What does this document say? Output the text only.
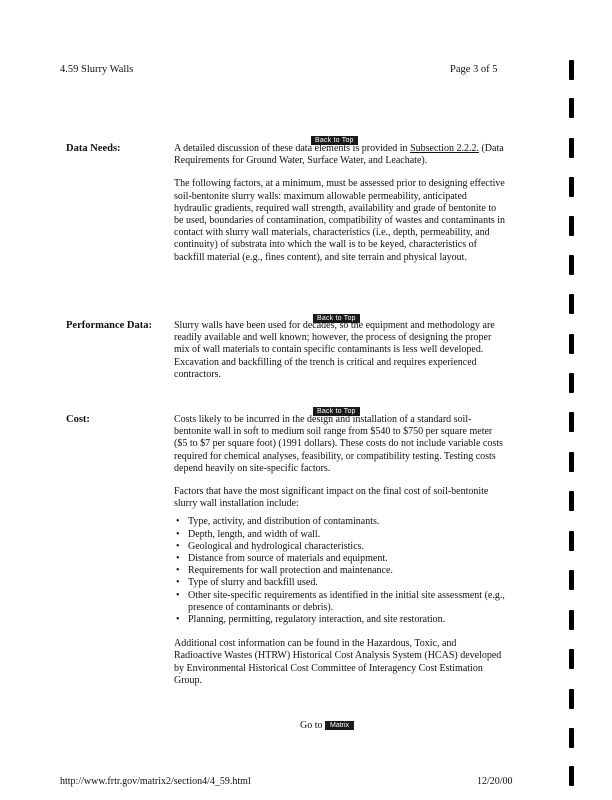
4.59 Slurry Walls	Page 3 of 5
Back to Top
Data Needs:	A detailed discussion of these data elements is provided in Subsection 2.2.2. (Data Requirements for Ground Water, Surface Water, and Leachate).

The following factors, at a minimum, must be assessed prior to designing effective soil-bentonite slurry walls: maximum allowable permeability, anticipated hydraulic gradients, required wall strength, availability and grade of bentonite to be used, boundaries of contamination, compatibility of wastes and contaminants in contact with slurry wall materials, characteristics (i.e., depth, permeability, and continuity) of substrata into which the wall is to be keyed, characteristics of backfill material (e.g., fines content), and site terrain and physical layout.

Back to Top
Performance Data: Slurry walls have been used for decades, so the equipment and methodology are readily available and well known; however, the process of designing the proper mix of wall materials to contain specific contaminants is less well developed. Excavation and backfilling of the trench is critical and requires experienced contractors.

Back to Top
Cost:	Costs likely to be incurred in the design and installation of a standard soil-bentonite wall in soft to medium soil range from $540 to $750 per square meter ($5 to $7 per square foot) (1991 dollars). These costs do not include variable costs required for chemical analyses, feasibility, or compatibility testing. Testing costs depend heavily on site-specific factors.

Factors that have the most significant impact on the final cost of soil-bentonite slurry wall installation include:

• Type, activity, and distribution of contaminants.
• Depth, length, and width of wall.
• Geological and hydrological characteristics.
• Distance from source of materials and equipment.
• Requirements for wall protection and maintenance.
• Type of slurry and backfill used.
• Other site-specific requirements as identified in the initial site assessment (e.g., presence of contaminants or debris).
• Planning, permitting, regulatory interaction, and site restoration.

Additional cost information can be found in the Hazardous, Toxic, and Radioactive Wastes (HTRW) Historical Cost Analysis System (HCAS) developed by Environmental Historical Cost Committee of Interagency Cost Estimation Group.

Go to Matrix
http://www.frtr.gov/matrix2/section4/4_59.html	12/20/00
